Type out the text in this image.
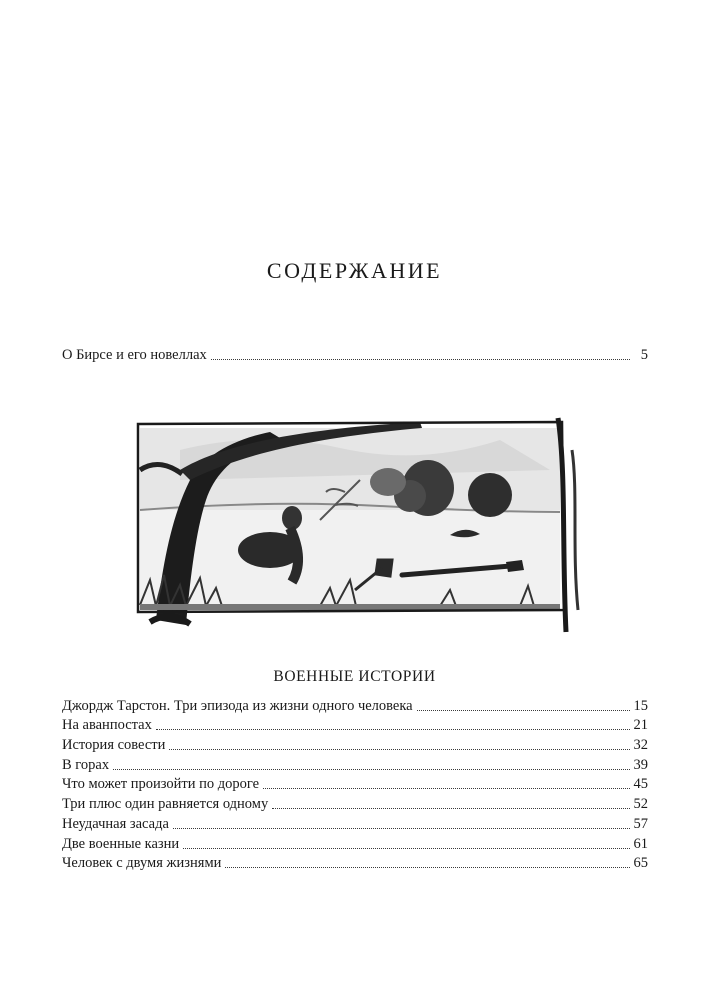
СОДЕРЖАНИЕ
О Бирсе и его новеллах	5
ВОЕННЫЕ ИСТОРИИ
Джордж Тарстон. Три эпизода из жизни одного человека	15
На аванпостах	21
История совести	32
В горах	39
Что может произойти по дороге	45
Три плюс один равняется одному	52
Неудачная засада	57
Две военные казни	61
Человек с двумя жизнями	65
